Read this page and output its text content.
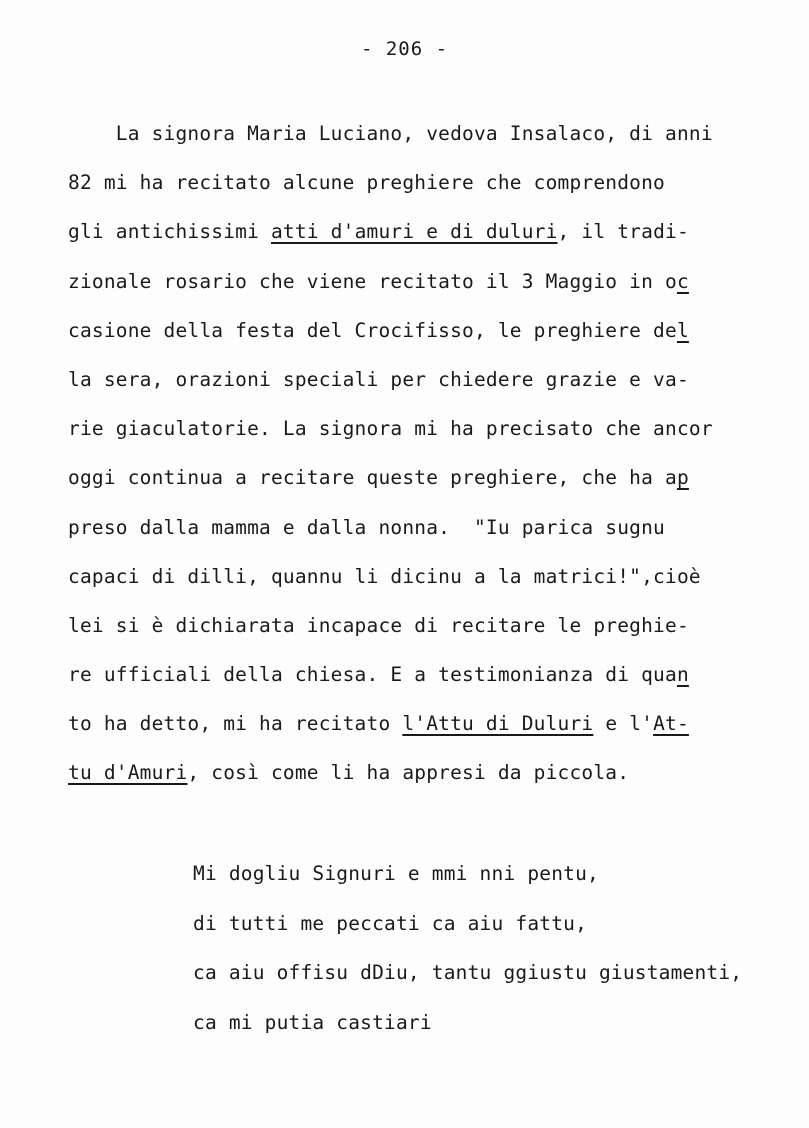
- 206 -
La signora Maria Luciano, vedova Insalaco, di anni
82 mi ha recitato alcune preghiere che comprendono
gli antichissimi atti d'amuri e di duluri, il tradi-
zionale rosario che viene recitato il 3 Maggio in oc
casione della festa del Crocifisso, le preghiere del
la sera, orazioni speciali per chiedere grazie e va-
rie giaculatorie. La signora mi ha precisato che ancor
oggi continua a recitare queste preghiere, che ha ap
preso dalla mamma e dalla nonna.  "Iu parica sugnu
capaci di dilli, quannu li dicinu a la matrici!",cioè
lei si è dichiarata incapace di recitare le preghie-
re ufficiali della chiesa. E a testimonianza di quan
to ha detto, mi ha recitato l'Attu di Duluri e l'At-
tu d'Amuri, così come li ha appresi da piccola.
Mi dogliu Signuri e mmi nni pentu,
di tutti me peccati ca aiu fattu,
ca aiu offisu dDiu, tantu ggiustu giustamenti,
ca mi putia castiari
